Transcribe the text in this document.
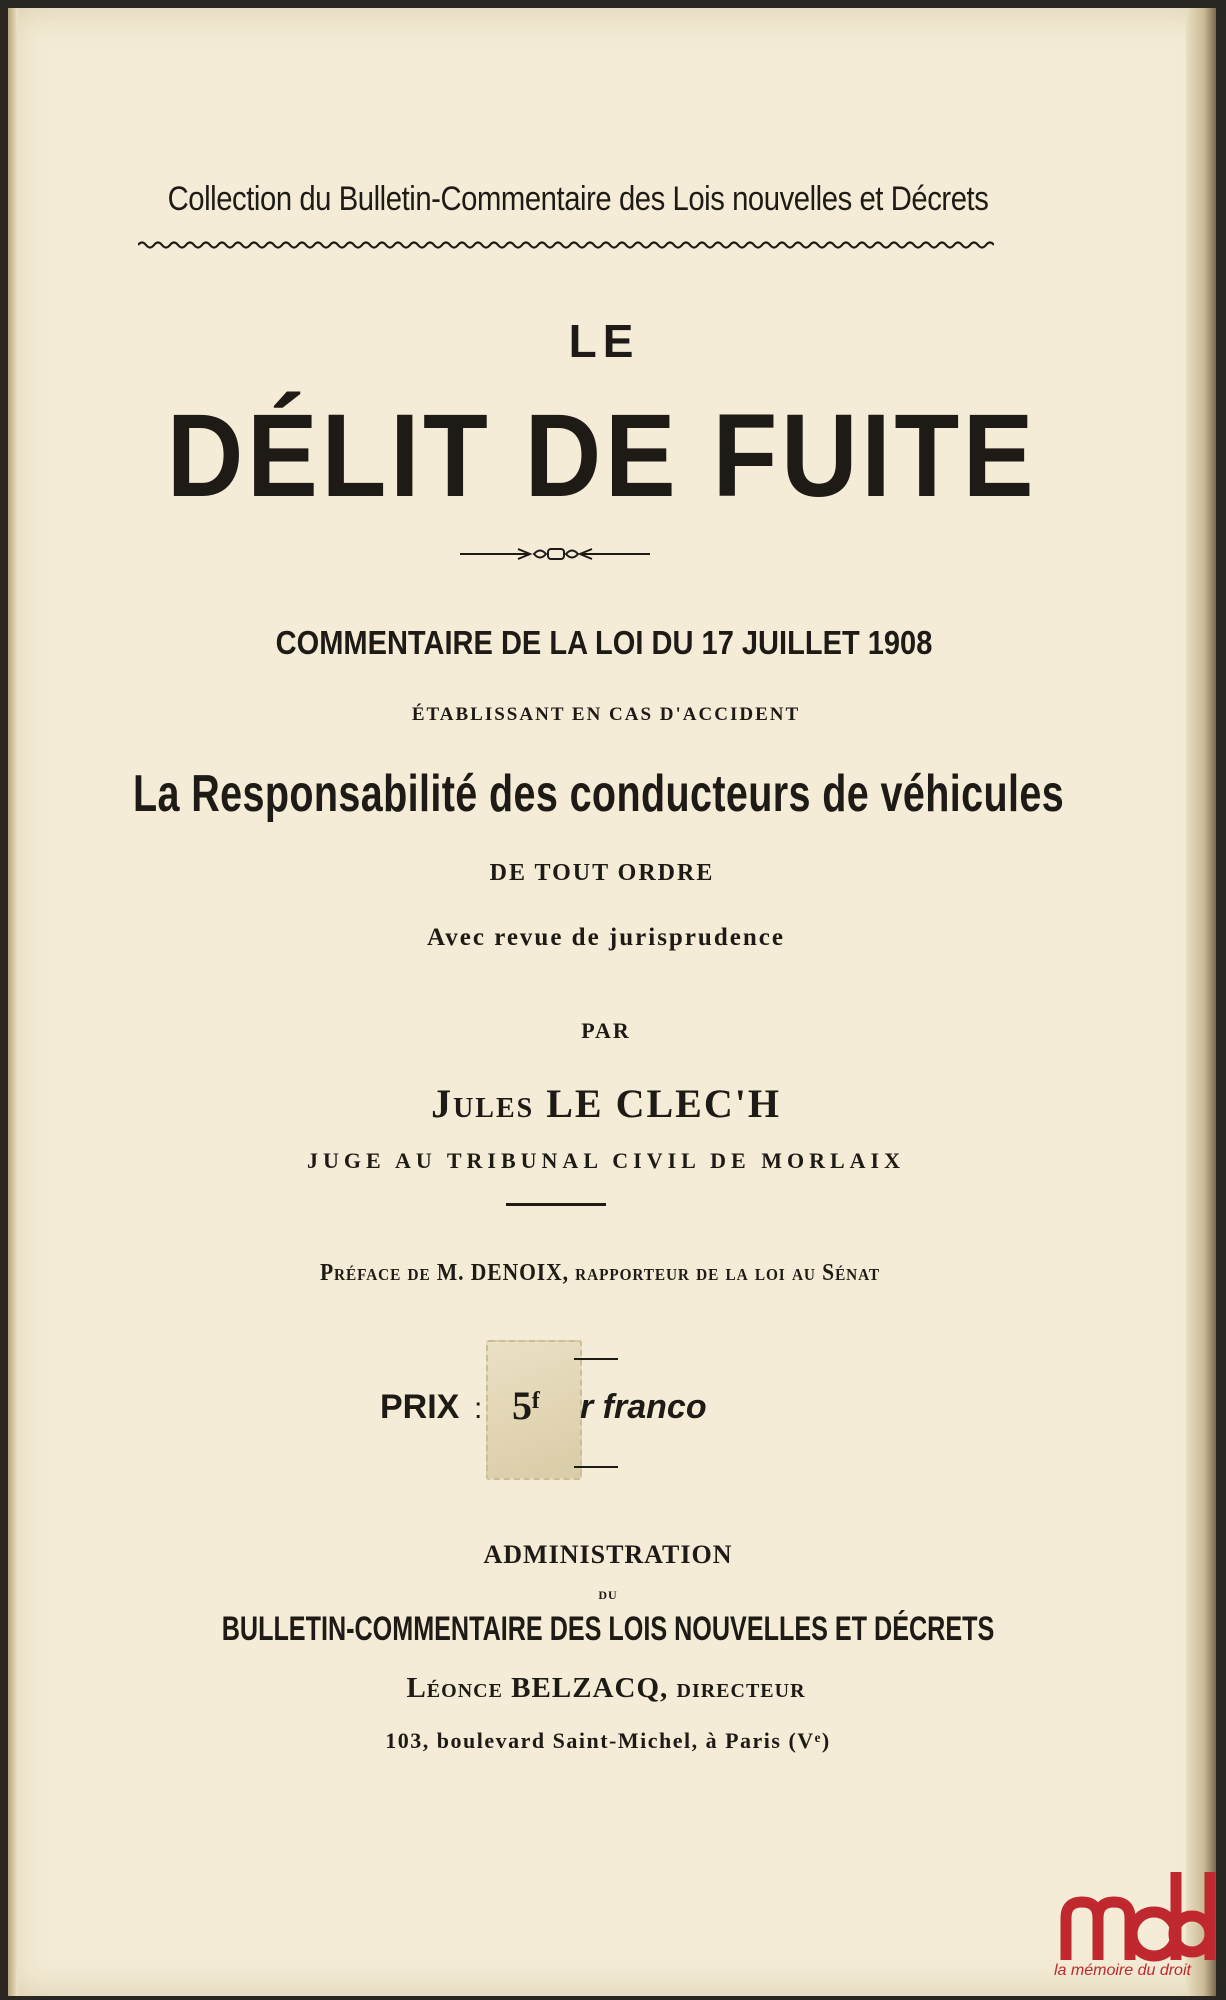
Collection du Bulletin-Commentaire des Lois nouvelles et Décrets
LE
DÉLIT DE FUITE
COMMENTAIRE DE LA LOI DU 17 JUILLET 1908
ÉTABLISSANT EN CAS D'ACCIDENT
La Responsabilité des conducteurs de véhicules
DE TOUT ORDRE
Avec revue de jurisprudence
PAR
Jules LE CLEC'H
JUGE AU TRIBUNAL CIVIL DE MORLAIX
Préface de M. DENOIX, rapporteur de la loi au Sénat
PRIX : 5ᶠ r franco
ADMINISTRATION
DU
BULLETIN-COMMENTAIRE DES LOIS NOUVELLES ET DÉCRETS
Léonce BELZACQ, directeur
103, boulevard Saint-Michel, à Paris (Vᵉ)
la mémoire du droit
